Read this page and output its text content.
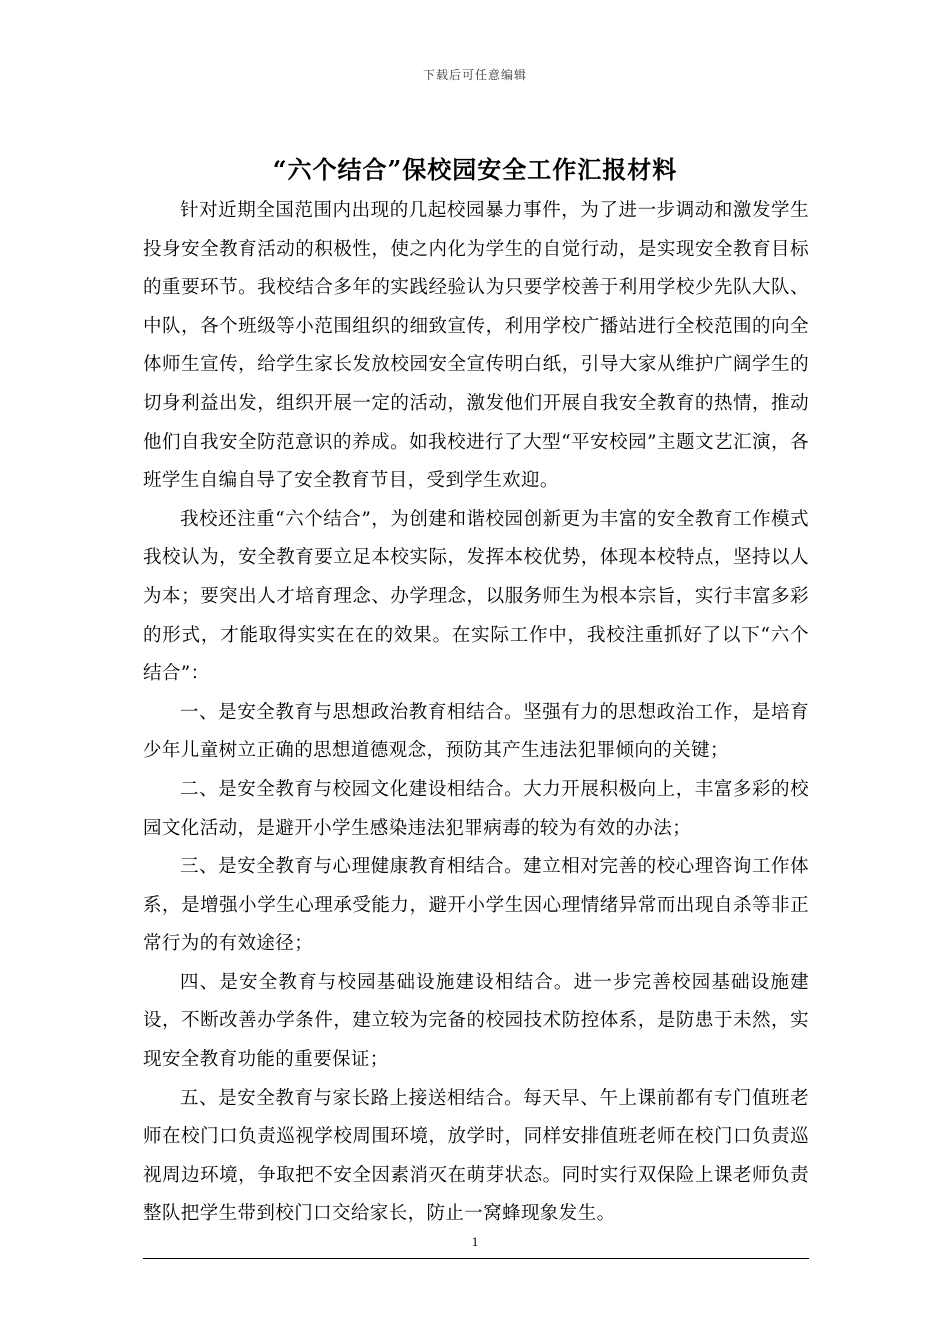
下载后可任意编辑
“六个结合”保校园安全工作汇报材料

针对近期全国范围内出现的几起校园暴力事件，为了进一步调动和激发学生投身安全教育活动的积极性，使之内化为学生的自觉行动，是实现安全教育目标的重要环节。我校结合多年的实践经验认为只要学校善于利用学校少先队大队、中队，各个班级等小范围组织的细致宣传，利用学校广播站进行全校范围的向全体师生宣传，给学生家长发放校园安全宣传明白纸，引导大家从维护广阔学生的切身利益出发，组织开展一定的活动，激发他们开展自我安全教育的热情，推动他们自我安全防范意识的养成。如我校进行了大型“平安校园”主题文艺汇演，各班学生自编自导了安全教育节目，受到学生欢迎。

我校还注重“六个结合”，为创建和谐校园创新更为丰富的安全教育工作模式我校认为，安全教育要立足本校实际，发挥本校优势，体现本校特点，坚持以人为本；要突出人才培育理念、办学理念，以服务师生为根本宗旨，实行丰富多彩的形式，才能取得实实在在的效果。在实际工作中，我校注重抓好了以下“六个结合”：

一、是安全教育与思想政治教育相结合。坚强有力的思想政治工作，是培育少年儿童树立正确的思想道德观念，预防其产生违法犯罪倾向的关键；

二、是安全教育与校园文化建设相结合。大力开展积极向上，丰富多彩的校园文化活动，是避开小学生感染违法犯罪病毒的较为有效的办法；

三、是安全教育与心理健康教育相结合。建立相对完善的校心理咨询工作体系，是增强小学生心理承受能力，避开小学生因心理情绪异常而出现自杀等非正常行为的有效途径；

四、是安全教育与校园基础设施建设相结合。进一步完善校园基础设施建设，不断改善办学条件，建立较为完备的校园技术防控体系，是防患于未然，实现安全教育功能的重要保证；

五、是安全教育与家长路上接送相结合。每天早、午上课前都有专门值班老师在校门口负责巡视学校周围环境，放学时，同样安排值班老师在校门口负责巡视周边环境，争取把不安全因素消灭在萌芽状态。同时实行双保险上课老师负责整队把学生带到校门口交给家长，防止一窝蜂现象发生。

1
